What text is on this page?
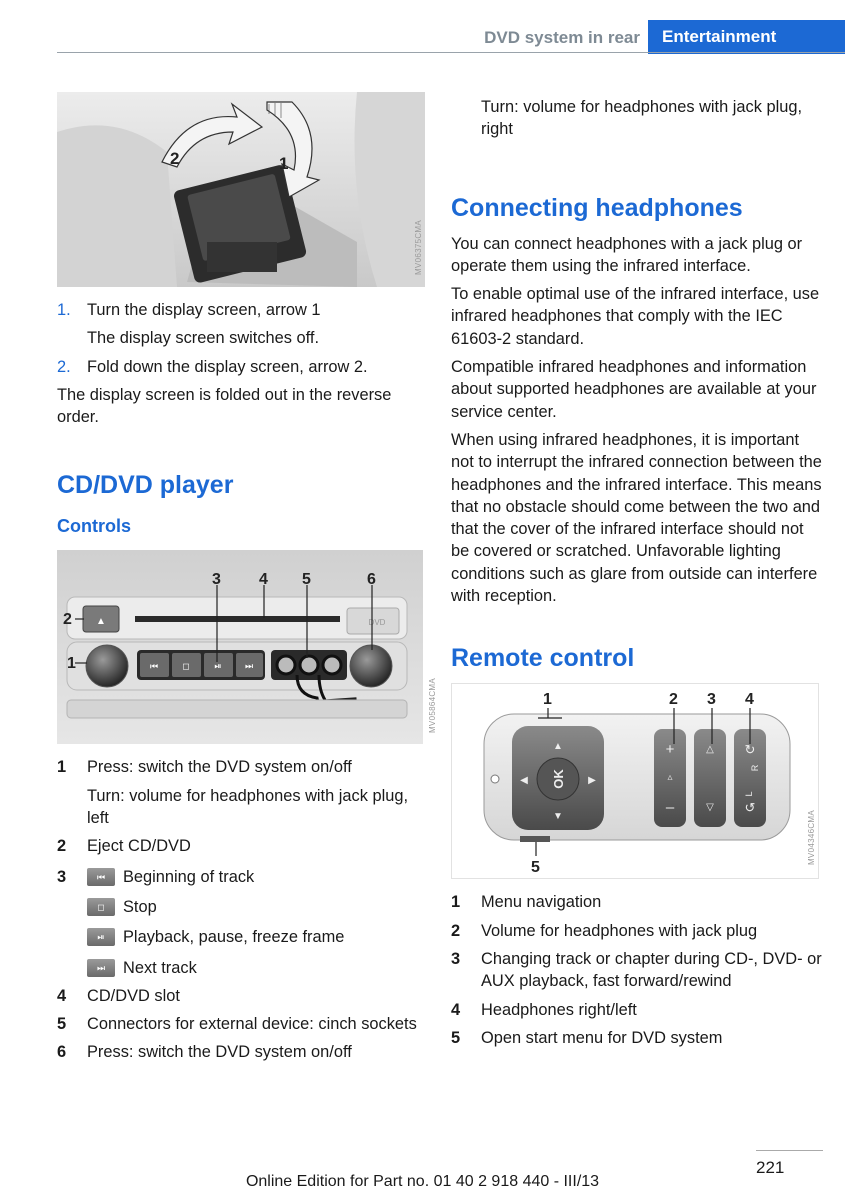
DVD system in rear	Entertainment
2	1
MV06375CMA
1. Turn the display screen, arrow 1

The display screen switches off.

2. Fold down the display screen, arrow 2.

The display screen is folded out in the reverse order.

CD/DVD player
Controls
▲	DVD
⏮	◻	⏯	⏭
1
2
3 4 5	6
MV05864CMA
1	Press: switch the DVD system on/off

Turn: volume for headphones with jack plug, left

2	Eject CD/DVD
3	⏮	Beginning of track
◻	Stop
⏯	Playback, pause, freeze frame
⏭	Next track
4	CD/DVD slot
5	Connectors for external device: cinch sockets
6	Press: switch the DVD system on/off

Turn: volume for headphones with jack plug, right

Connecting headphones

You can connect headphones with a jack plug or operate them using the infrared interface.

To enable optimal use of the infrared interface, use infrared headphones that comply with the IEC 61603-2 standard.

Compatible infrared headphones and information about supported headphones are available at your service center.

When using infrared headphones, it is important not to interrupt the infrared connection between the headphones and the infrared interface. This means that no obstacle should come between the two and that the cover of the infrared interface should not be covered or scratched. Unfavorable lighting conditions such as glare from outside can interfere with reception.

Remote control
OK
▲
▼
◀	▶
+
▵
–
△
▽
↻
R
L
↺
1	2 3 4
5
MV04346CMA
1	Menu navigation
2	Volume for headphones with jack plug
3	Changing track or chapter during CD-, DVD- or AUX playback, fast forward/rewind
4	Headphones right/left
5	Open start menu for DVD system
221
Online Edition for Part no. 01 40 2 918 440 - III/13
